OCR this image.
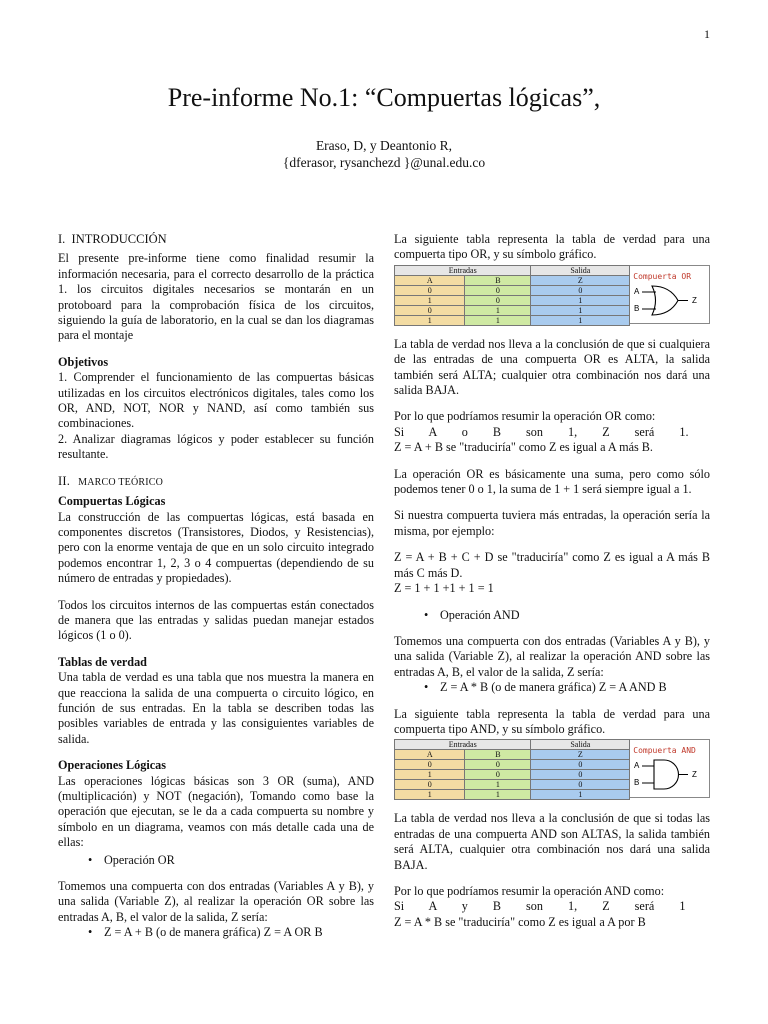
1
Pre-informe No.1: “Compuertas lógicas”,
Eraso, D, y Deantonio R,
{dferasor, rysanchezd }@unal.edu.co
I. INTRODUCCIÓN

El presente pre-informe tiene como finalidad resumir la información necesaria, para el correcto desarrollo de la práctica 1. los circuitos digitales necesarios se montarán en un protoboard para la comprobación física de los circuitos, siguiendo la guía de laboratorio, en la cual se dan los diagramas para el montaje

Objetivos
1. Comprender el funcionamiento de las compuertas básicas utilizadas en los circuitos electrónicos digitales, tales como los OR, AND, NOT, NOR y NAND, así como también sus combinaciones.

2. Analizar diagramas lógicos y poder establecer su función resultante.

II. MARCO TEÓRICO
Compuertas Lógicas

La construcción de las compuertas lógicas, está basada en componentes discretos (Transistores, Diodos, y Resistencias), pero con la enorme ventaja de que en un solo circuito integrado podemos encontrar 1, 2, 3 o 4 compuertas (dependiendo de su número de entradas y propiedades).

Todos los circuitos internos de las compuertas están conectados de manera que las entradas y salidas puedan manejar estados lógicos (1 o 0).

Tablas de verdad

Una tabla de verdad es una tabla que nos muestra la manera en que reacciona la salida de una compuerta o circuito lógico, en función de sus entradas. En la tabla se describen todas las posibles variables de entrada y las consiguientes variables de salida.

Operaciones Lógicas
Las operaciones lógicas básicas son 3 OR (suma), AND (multiplicación) y NOT (negación), Tomando como base la operación que ejecutan, se le da a cada compuerta su nombre y símbolo en un diagrama, veamos con más detalle cada una de ellas:
• Operación OR
Tomemos una compuerta con dos entradas (Variables A y B), y una salida (Variable Z), al realizar la operación OR sobre las entradas A, B, el valor de la salida, Z sería:
• Z = A + B (o de manera gráfica) Z = A OR B
La siguiente tabla representa la tabla de verdad para una compuerta tipo OR, y su símbolo gráfico.
Entradas		Salida
A	B	Z
0	0	0
1	0	1
0	1	1
1	1	1
Compuerta OR
A
B
Z

La tabla de verdad nos lleva a la conclusión de que si cualquiera de las entradas de una compuerta OR es ALTA, la salida también será ALTA; cualquier otra combinación nos dará una salida BAJA.

Por lo que podríamos resumir la operación OR como:
Si A o B son 1, Z será 1.

Z = A + B se "traduciría" como Z es igual a A más B.

La operación OR es básicamente una suma, pero como sólo podemos tener 0 o 1, la suma de 1 + 1 será siempre igual a 1.

Si nuestra compuerta tuviera más entradas, la operación sería la misma, por ejemplo:

Z = A + B + C + D se "traduciría" como Z es igual a A más B más C más D.

Z = 1 + 1 +1 + 1 = 1

• Operación AND
Tomemos una compuerta con dos entradas (Variables A y B), y una salida (Variable Z), al realizar la operación AND sobre las entradas A, B, el valor de la salida, Z sería:
• Z = A * B (o de manera gráfica) Z = A AND B
La siguiente tabla representa la tabla de verdad para una compuerta tipo AND, y su símbolo gráfico.
Entradas		Salida
A	B	Z
0	0	0
1	0	0
0	1	0
1	1	1
Compuerta AND
A
B
Z

La tabla de verdad nos lleva a la conclusión de que si todas las entradas de una compuerta AND son ALTAS, la salida también será ALTA, cualquier otra combinación nos dará una salida BAJA.

Por lo que podríamos resumir la operación AND como:
Si A y B son 1, Z será 1
Z = A * B se "traduciría" como Z es igual a A por B
